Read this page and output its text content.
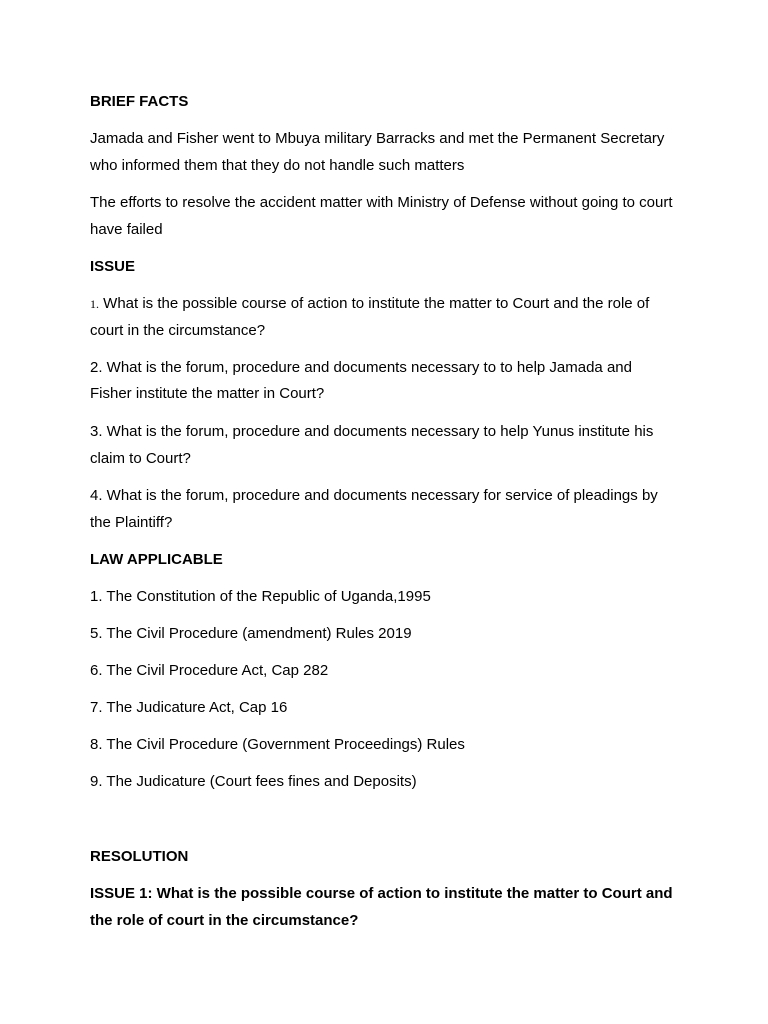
BRIEF FACTS
Jamada and Fisher went to Mbuya military Barracks and met the Permanent Secretary
who informed them that they do not handle such matters
The efforts to resolve the accident matter with Ministry of Defense without going to court
have failed
ISSUE
1. What is the possible course of action to institute the matter to Court and the role of
court in the circumstance?
2. What is the forum, procedure and documents necessary to to help Jamada and
Fisher institute the matter in Court?
3. What is the forum, procedure and documents necessary to help Yunus institute his
claim to Court?
4. What is the forum, procedure and documents necessary for service of pleadings by
the Plaintiff?
LAW APPLICABLE
1. The Constitution of the Republic of Uganda,1995
5. The Civil Procedure (amendment) Rules 2019
6. The Civil Procedure Act, Cap 282
7. The Judicature Act, Cap 16
8. The Civil Procedure (Government Proceedings) Rules
9. The Judicature (Court fees fines and Deposits)
RESOLUTION
ISSUE 1: What is the possible course of action to institute the matter to Court and
the role of court in the circumstance?
